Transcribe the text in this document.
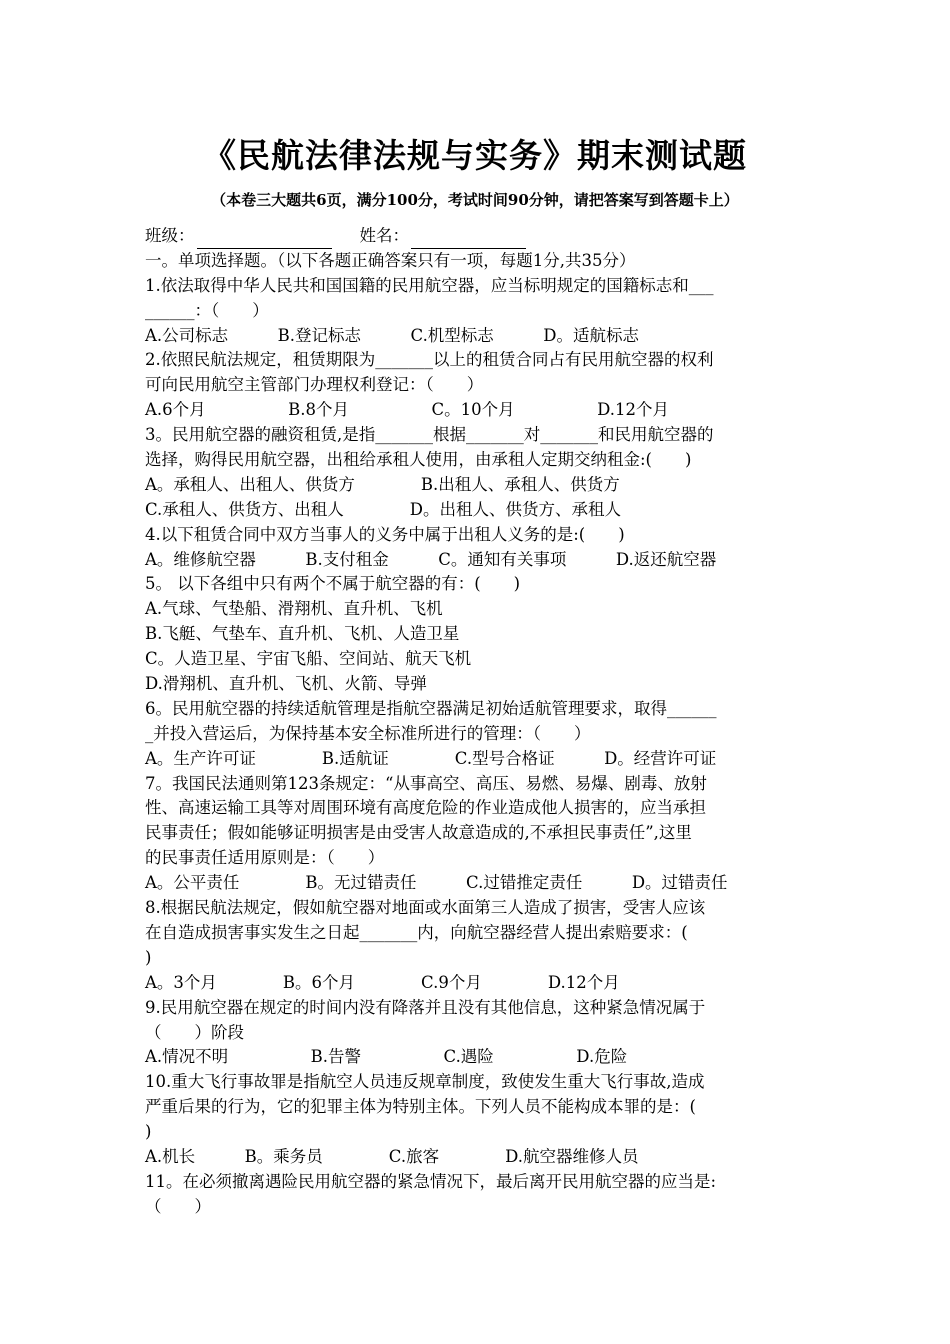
《民航法律法规与实务》期末测试题
（本卷三大题共6页，满分100分，考试时间90分钟，请把答案写到答题卡上）
班级：	姓名：
一。单项选择题。（以下各题正确答案只有一项，每题1分,共35分）
1.依法取得中华人民共和国国籍的民用航空器，应当标明规定的国籍标志和___
______：（　　）
A.公司标志　　　B.登记标志　　　C.机型标志　　　D。适航标志
2.依照民航法规定，租赁期限为_______以上的租赁合同占有民用航空器的权利
可向民用航空主管部门办理权利登记：（　　）
A.6个月　　　　　B.8个月　　　　　C。10个月　　　　　D.12个月
3。民用航空器的融资租赁,是指_______根据_______对_______和民用航空器的
选择，购得民用航空器，出租给承租人使用，由承租人定期交纳租金:(　　)
A。承租人、出租人、供货方　　　　B.出租人、承租人、供货方
C.承租人、供货方、出租人　　　　D。出租人、供货方、承租人
4.以下租赁合同中双方当事人的义务中属于出租人义务的是:(　　)
A。维修航空器　　　B.支付租金　　　C。通知有关事项　　　D.返还航空器
5。 以下各组中只有两个不属于航空器的有：(　　)
A.气球、气垫船、滑翔机、直升机、飞机
B.飞艇、气垫车、直升机、飞机、人造卫星
C。人造卫星、宇宙飞船、空间站、航天飞机
D.滑翔机、直升机、飞机、火箭、导弹
6。民用航空器的持续适航管理是指航空器满足初始适航管理要求，取得______
_并投入营运后，为保持基本安全标准所进行的管理：（　　）
A。生产许可证　　　　B.适航证　　　　C.型号合格证　　　D。经营许可证
7。我国民法通则第123条规定：“从事高空、高压、易燃、易爆、剧毒、放射
性、高速运输工具等对周围环境有高度危险的作业造成他人损害的，应当承担
民事责任；假如能够证明损害是由受害人故意造成的,不承担民事责任”,这里
的民事责任适用原则是：（　　）
A。公平责任　　　　B。无过错责任　　　C.过错推定责任　　　D。过错责任
8.根据民航法规定，假如航空器对地面或水面第三人造成了损害，受害人应该
在自造成损害事实发生之日起_______内，向航空器经营人提出索赔要求：(
)
A。3个月　　　　B。6个月　　　　C.9个月　　　　D.12个月
9.民用航空器在规定的时间内没有降落并且没有其他信息，这种紧急情况属于
（　　）阶段
A.情况不明　　　　　B.告警　　　　　C.遇险　　　　　D.危险
10.重大飞行事故罪是指航空人员违反规章制度，致使发生重大飞行事故,造成
严重后果的行为，它的犯罪主体为特别主体。下列人员不能构成本罪的是：(
)
A.机长　　　B。乘务员　　　　C.旅客　　　　D.航空器维修人员
11。在必须撤离遇险民用航空器的紧急情况下，最后离开民用航空器的应当是:
（　　）
